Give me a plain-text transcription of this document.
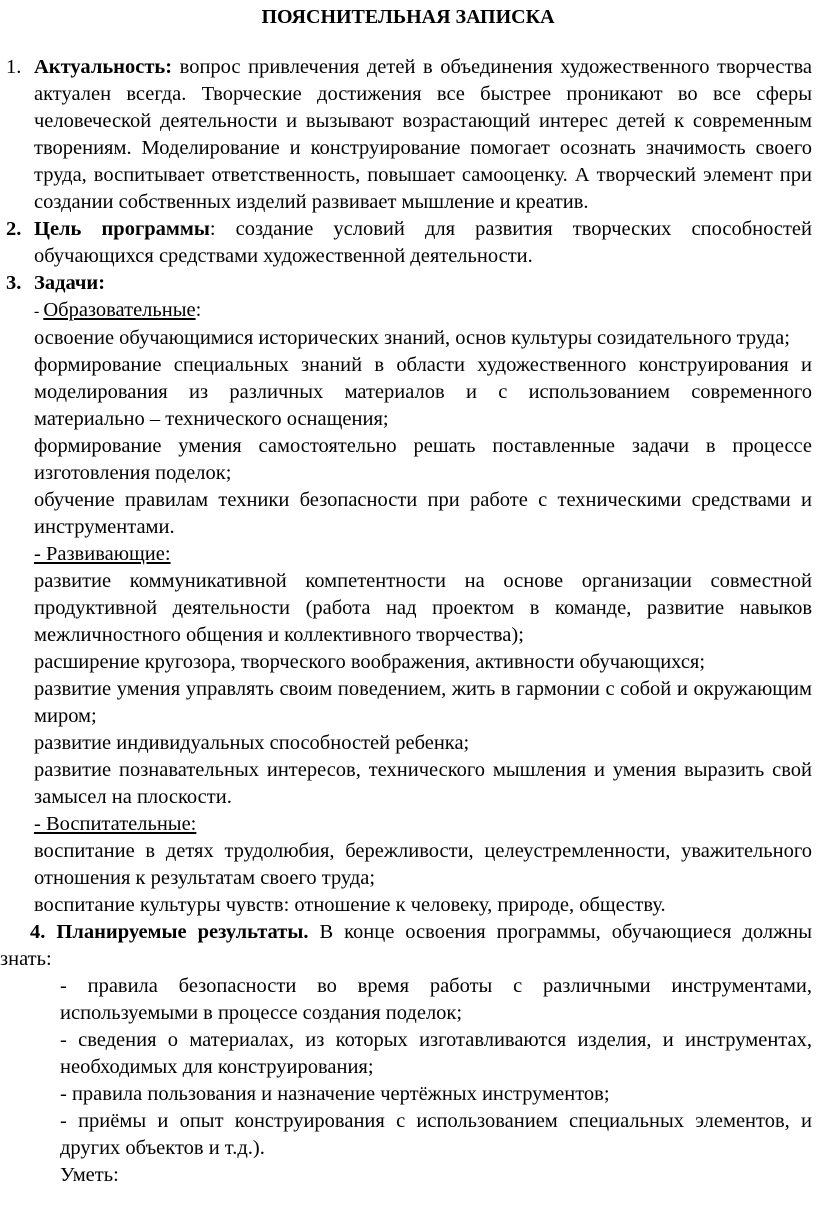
ПОЯСНИТЕЛЬНАЯ ЗАПИСКА

1. Актуальность: вопрос привлечения детей в объединения художественного творчества актуален всегда. Творческие достижения все быстрее проникают во все сферы человеческой деятельности и вызывают возрастающий интерес детей к современным творениям. Моделирование и конструирование помогает осознать значимость своего труда, воспитывает ответственность, повышает самооценку. А творческий элемент при создании собственных изделий развивает мышление и креатив.

2. Цель программы: создание условий для развития творческих способностей обучающихся средствами художественной деятельности.

3. Задачи:

- Образовательные:

освоение обучающимися исторических знаний, основ культуры созидательного труда;

формирование специальных знаний в области художественного конструирования и моделирования из различных материалов и с использованием современного материально – технического оснащения;

формирование умения самостоятельно решать поставленные задачи в процессе изготовления поделок;

обучение правилам техники безопасности при работе с техническими средствами и инструментами.

- Развивающие:

развитие коммуникативной компетентности на основе организации совместной продуктивной деятельности (работа над проектом в команде, развитие навыков межличностного общения и коллективного творчества);

расширение кругозора, творческого воображения, активности обучающихся;

развитие умения управлять своим поведением, жить в гармонии с собой и окружающим миром;

развитие индивидуальных способностей ребенка;

развитие познавательных интересов, технического мышления и умения выразить свой замысел на плоскости.

- Воспитательные:

воспитание в детях трудолюбия, бережливости, целеустремленности, уважительного отношения к результатам своего труда;

воспитание культуры чувств: отношение к человеку, природе, обществу.

4. Планируемые результаты. В конце освоения программы, обучающиеся должны знать:

- правила безопасности во время работы с различными инструментами, используемыми в процессе создания поделок;

- сведения о материалах, из которых изготавливаются изделия, и инструментах, необходимых для конструирования;

- правила пользования и назначение чертёжных инструментов;

- приёмы и опыт конструирования с использованием специальных элементов, и других объектов и т.д.).

Уметь:
